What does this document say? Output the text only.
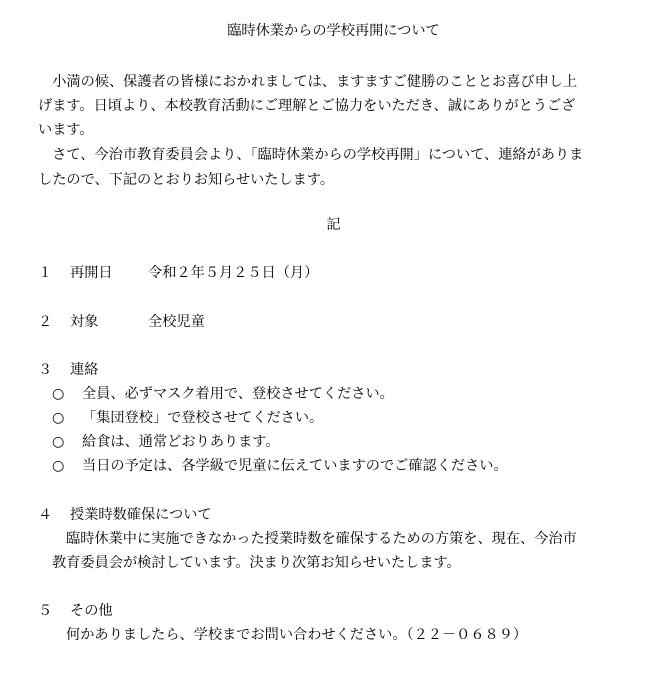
臨時休業からの学校再開について
　小満の候、保護者の皆様におかれましては、ますますご健勝のこととお喜び申し上
げます。日頃より、本校教育活動にご理解とご協力をいただき、誠にありがとうござ
います。
　さて、今治市教育委員会より、「臨時休業からの学校再開」について、連絡がありま
したので、下記のとおりお知らせいたします。
記
１ 再開日 令和２年５月２５日（月）
２ 対象	全校児童
３ 連絡
○ 全員、必ずマスク着用で、登校させてください。
○ 「集団登校」で登校させてください。
○ 給食は、通常どおりあります。
○ 当日の予定は、各学級で児童に伝えていますのでご確認ください。
４ 授業時数確保について
臨時休業中に実施できなかった授業時数を確保するための方策を、現在、今治市
教育委員会が検討しています。決まり次第お知らせいたします。
５ その他
何かありましたら、学校までお問い合わせください。（２２－０６８９）
